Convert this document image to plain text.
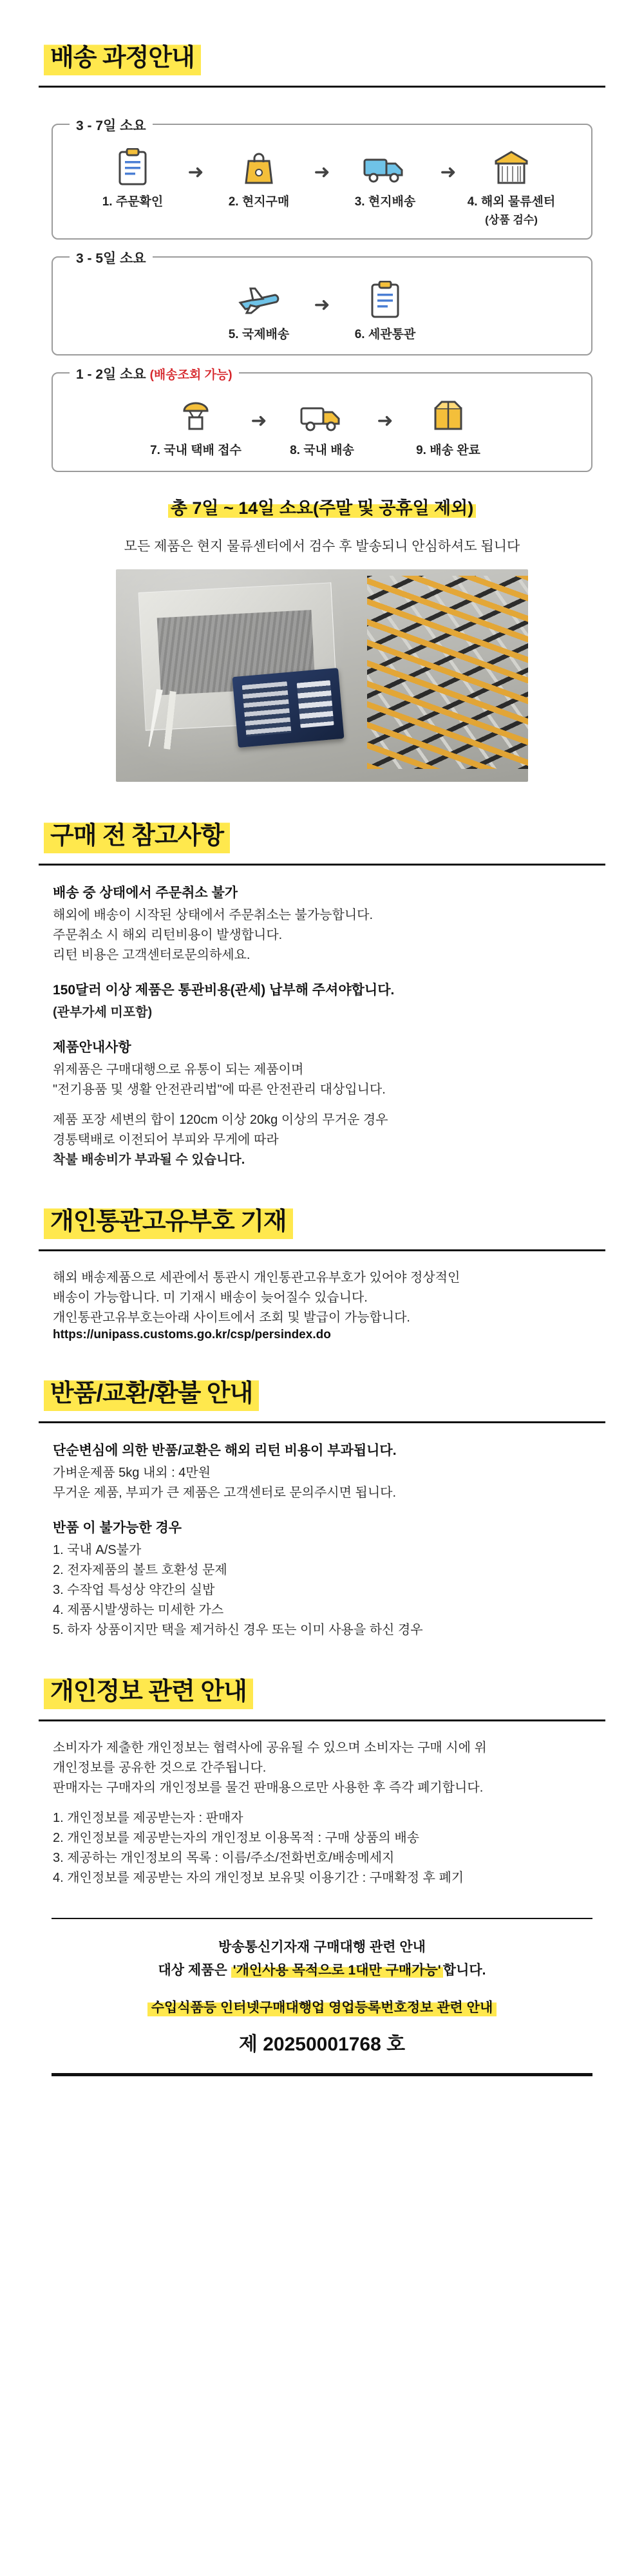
배송 과정안내
3 - 7일 소요
1. 주문확인
➜
2. 현지구매
➜
3. 현지배송
➜
4. 해외 물류센터
(상품 검수)
3 - 5일 소요
5. 국제배송
➜
6. 세관통관
1 - 2일 소요 (배송조회 가능)
7. 국내 택배 접수
➜
8. 국내 배송
➜
9. 배송 완료
총 7일 ~ 14일 소요(주말 및 공휴일 제외)
모든 제품은 현지 물류센터에서 검수 후 발송되니 안심하셔도 됩니다
구매 전 참고사항
배송 중 상태에서 주문취소 불가
해외에 배송이 시작된 상태에서 주문취소는 불가능합니다.
주문취소 시 해외 리턴비용이 발생합니다.
리턴 비용은 고객센터로문의하세요.
150달러 이상 제품은 통관비용(관세) 납부해 주셔야합니다.
(관부가세 미포함)
제품안내사항
위제품은 구매대행으로 유통이 되는 제품이며
"전기용품 및 생활 안전관리법"에 따른 안전관리 대상입니다.
제품 포장 세변의 합이 120cm 이상 20kg 이상의 무거운 경우
경통택배로 이전되어 부피와 무게에 따라
착불 배송비가 부과될 수 있습니다.
개인통관고유부호 기재
해외 배송제품으로 세관에서 통관시 개인통관고유부호가 있어야 정상적인
배송이 가능합니다. 미 기재시 배송이 늦어질수 있습니다.
개인통관고유부호는아래 사이트에서 조회 및 발급이 가능합니다.
https://unipass.customs.go.kr/csp/persindex.do
반품/교환/환불 안내
단순변심에 의한 반품/교환은 해외 리턴 비용이 부과됩니다.
가벼운제품 5kg 내외 : 4만원
무거운 제품, 부피가 큰 제품은 고객센터로 문의주시면 됩니다.
반품 이 불가능한 경우
1. 국내 A/S불가
2. 전자제품의 볼트 호환성 문제
3. 수작업 특성상 약간의 실밥
4. 제품시발생하는 미세한 가스
5. 하자 상품이지만 택을 제거하신 경우 또는 이미 사용을 하신 경우
개인정보 관련 안내
소비자가 제출한 개인정보는 협력사에 공유될 수 있으며 소비자는 구매 시에 위
개인정보를 공유한 것으로 간주됩니다.
판매자는 구매자의 개인정보를 물건 판매용으로만 사용한 후 즉각 폐기합니다.
1. 개인정보를 제공받는자 : 판매자
2. 개인정보를 제공받는자의 개인정보 이용목적 : 구매 상품의 배송
3. 제공하는 개인정보의 목록 : 이름/주소/전화번호/배송메세지
4. 개인정보를 제공받는 자의 개인정보 보유및 이용기간 : 구매확정 후 폐기
방송통신기자재 구매대행 관련 안내
대상 제품은 '개인사용 목적으로 1대만 구매가능' 합니다.
수입식품등 인터넷구매대행업 영업등록번호정보 관련 안내
제 20250001768 호
